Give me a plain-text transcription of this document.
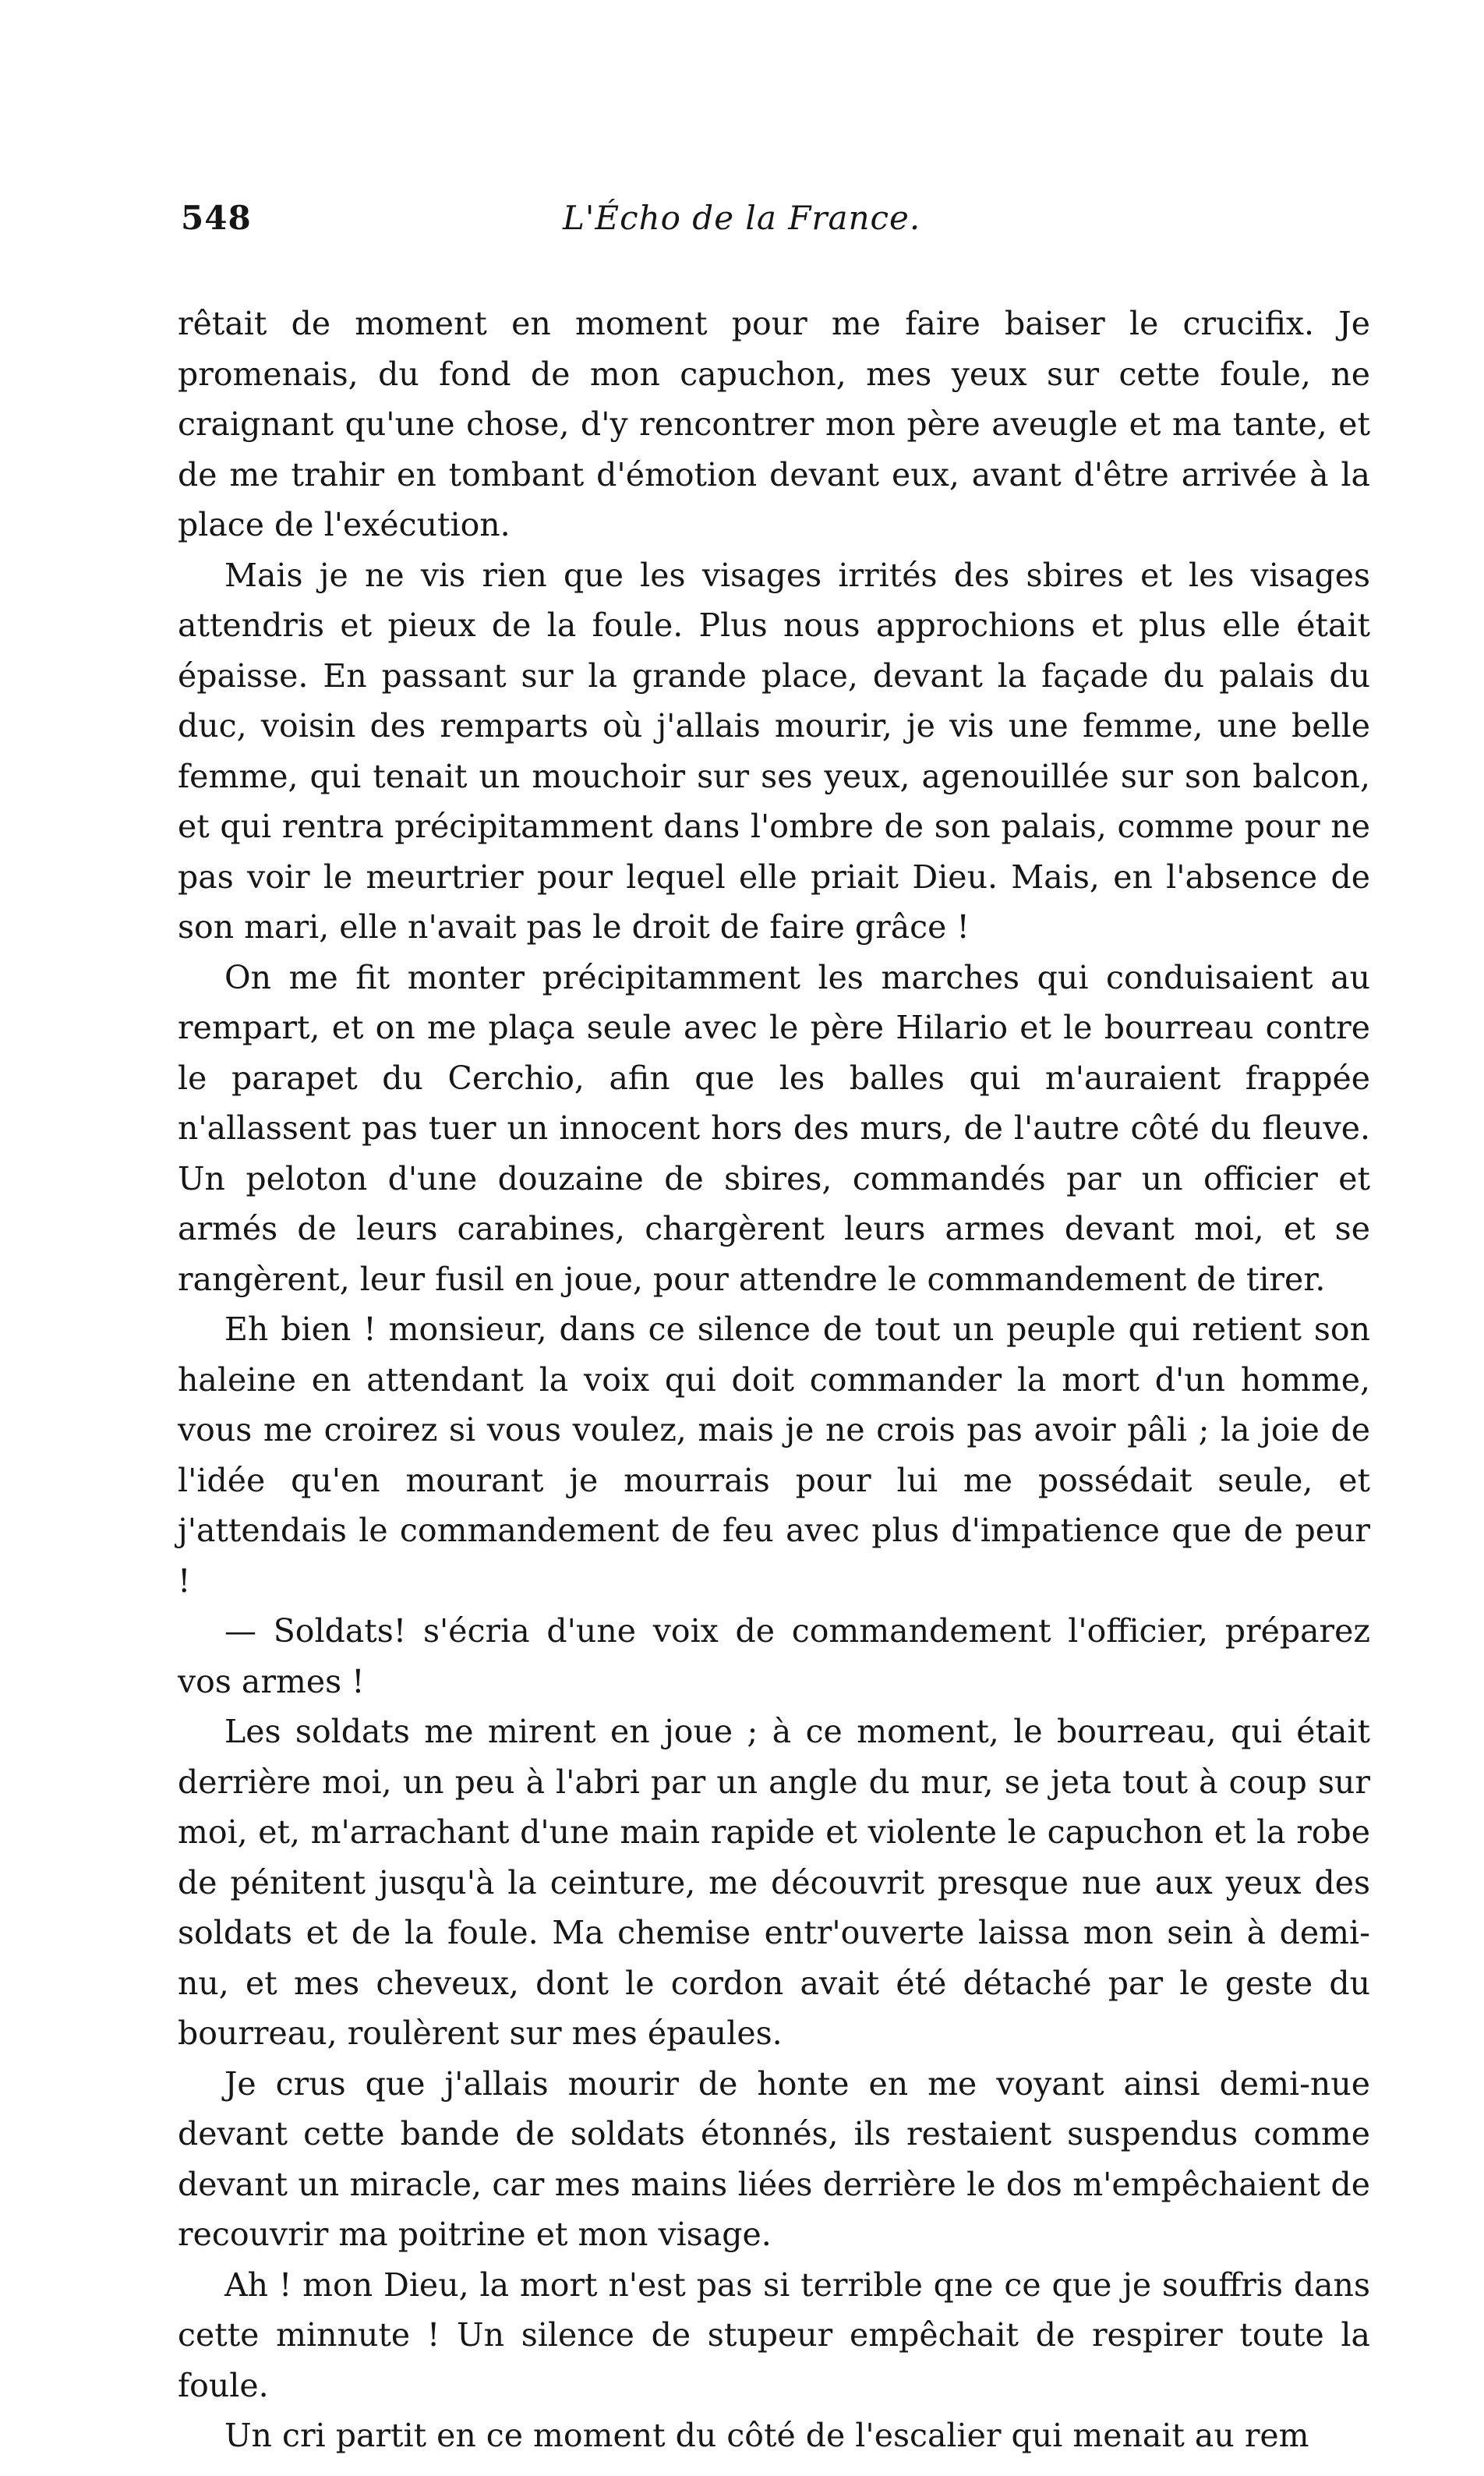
548	L'Écho de la France.

rêtait de moment en moment pour me faire baiser le crucifix. Je promenais, du fond de mon capuchon, mes yeux sur cette foule, ne craignant qu'une chose, d'y rencontrer mon père aveugle et ma tante, et de me trahir en tombant d'émotion devant eux, avant d'être arrivée à la place de l'exécution.

Mais je ne vis rien que les visages irrités des sbires et les visages attendris et pieux de la foule. Plus nous approchions et plus elle était épaisse. En passant sur la grande place, devant la façade du palais du duc, voisin des remparts où j'allais mourir, je vis une femme, une belle femme, qui tenait un mouchoir sur ses yeux, agenouillée sur son balcon, et qui rentra précipitamment dans l'ombre de son palais, comme pour ne pas voir le meurtrier pour lequel elle priait Dieu. Mais, en l'absence de son mari, elle n'avait pas le droit de faire grâce !

On me fit monter précipitamment les marches qui conduisaient au rempart, et on me plaça seule avec le père Hilario et le bourreau contre le parapet du Cerchio, afin que les balles qui m'auraient frappée n'allassent pas tuer un innocent hors des murs, de l'autre côté du fleuve. Un peloton d'une douzaine de sbires, commandés par un officier et armés de leurs carabines, chargèrent leurs armes devant moi, et se rangèrent, leur fusil en joue, pour attendre le commandement de tirer.

Eh bien ! monsieur, dans ce silence de tout un peuple qui retient son haleine en attendant la voix qui doit commander la mort d'un homme, vous me croirez si vous voulez, mais je ne crois pas avoir pâli ; la joie de l'idée qu'en mourant je mourrais pour lui me possédait seule, et j'attendais le commandement de feu avec plus d'impatience que de peur !

— Soldats! s'écria d'une voix de commandement l'officier, préparez vos armes !

Les soldats me mirent en joue ; à ce moment, le bourreau, qui était derrière moi, un peu à l'abri par un angle du mur, se jeta tout à coup sur moi, et, m'arrachant d'une main rapide et violente le capuchon et la robe de pénitent jusqu'à la ceinture, me découvrit presque nue aux yeux des soldats et de la foule. Ma chemise entr'ouverte laissa mon sein à demi-nu, et mes cheveux, dont le cordon avait été détaché par le geste du bourreau, roulèrent sur mes épaules.

Je crus que j'allais mourir de honte en me voyant ainsi demi-nue devant cette bande de soldats étonnés, ils restaient suspendus comme devant un miracle, car mes mains liées derrière le dos m'empêchaient de recouvrir ma poitrine et mon visage.

Ah ! mon Dieu, la mort n'est pas si terrible qne ce que je souffris dans cette minnute ! Un silence de stupeur empêchait de respirer toute la foule.

Un cri partit en ce moment du côté de l'escalier qui menait au rem
